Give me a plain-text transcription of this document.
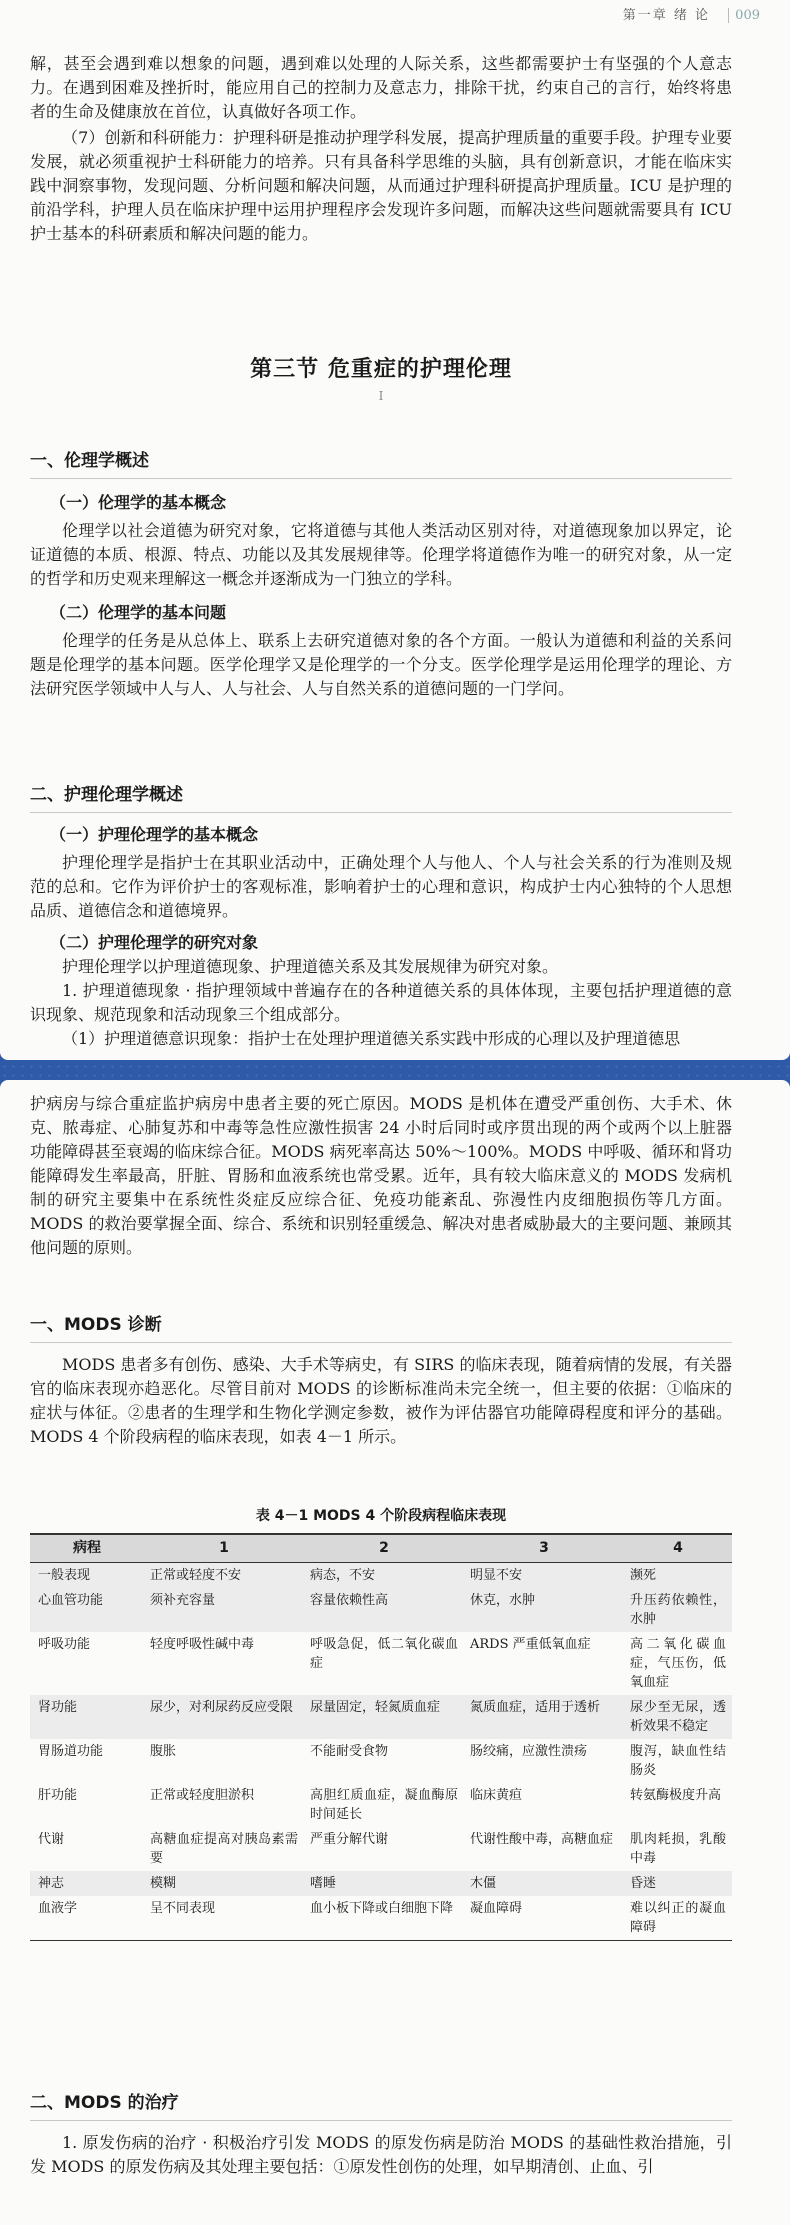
第一章 绪 论 009

解，甚至会遇到难以想象的问题，遇到难以处理的人际关系，这些都需要护士有坚强的个人意志力。在遇到困难及挫折时，能应用自己的控制力及意志力，排除干扰，约束自己的言行，始终将患者的生命及健康放在首位，认真做好各项工作。

（7）创新和科研能力：护理科研是推动护理学科发展，提高护理质量的重要手段。护理专业要发展，就必须重视护士科研能力的培养。只有具备科学思维的头脑，具有创新意识，才能在临床实践中洞察事物，发现问题、分析问题和解决问题，从而通过护理科研提高护理质量。ICU 是护理的前沿学科，护理人员在临床护理中运用护理程序会发现许多问题，而解决这些问题就需要具有 ICU 护士基本的科研素质和解决问题的能力。

第三节 危重症的护理伦理
I
一、伦理学概述
（一）伦理学的基本概念

伦理学以社会道德为研究对象，它将道德与其他人类活动区别对待，对道德现象加以界定，论证道德的本质、根源、特点、功能以及其发展规律等。伦理学将道德作为唯一的研究对象，从一定的哲学和历史观来理解这一概念并逐渐成为一门独立的学科。

（二）伦理学的基本问题

伦理学的任务是从总体上、联系上去研究道德对象的各个方面。一般认为道德和利益的关系问题是伦理学的基本问题。医学伦理学又是伦理学的一个分支。医学伦理学是运用伦理学的理论、方法研究医学领域中人与人、人与社会、人与自然关系的道德问题的一门学问。

二、护理伦理学概述
（一）护理伦理学的基本概念

护理伦理学是指护士在其职业活动中，正确处理个人与他人、个人与社会关系的行为准则及规范的总和。它作为评价护士的客观标准，影响着护士的心理和意识，构成护士内心独特的个人思想品质、道德信念和道德境界。

（二）护理伦理学的研究对象

护理伦理学以护理道德现象、护理道德关系及其发展规律为研究对象。

1. 护理道德现象 · 指护理领域中普遍存在的各种道德关系的具体体现，主要包括护理道德的意识现象、规范现象和活动现象三个组成部分。

（1）护理道德意识现象：指护士在处理护理道德关系实践中形成的心理以及护理道德思

护病房与综合重症监护病房中患者主要的死亡原因。MODS 是机体在遭受严重创伤、大手术、休克、脓毒症、心肺复苏和中毒等急性应激性损害 24 小时后同时或序贯出现的两个或两个以上脏器功能障碍甚至衰竭的临床综合征。MODS 病死率高达 50%～100%。MODS 中呼吸、循环和肾功能障碍发生率最高，肝脏、胃肠和血液系统也常受累。近年，具有较大临床意义的 MODS 发病机制的研究主要集中在系统性炎症反应综合征、免疫功能紊乱、弥漫性内皮细胞损伤等几方面。MODS 的救治要掌握全面、综合、系统和识别轻重缓急、解决对患者威胁最大的主要问题、兼顾其他问题的原则。

一、MODS 诊断

MODS 患者多有创伤、感染、大手术等病史，有 SIRS 的临床表现，随着病情的发展，有关器官的临床表现亦趋恶化。尽管目前对 MODS 的诊断标准尚未完全统一，但主要的依据：①临床的症状与体征。②患者的生理学和生物化学测定参数，被作为评估器官功能障碍程度和评分的基础。MODS 4 个阶段病程的临床表现，如表 4－1 所示。

表 4－1 MODS 4 个阶段病程临床表现
病程	1	2	3	4
一般表现	正常或轻度不安	病态，不安	明显不安	濒死
心血管功能	须补充容量	容量依赖性高	休克，水肿	升压药依赖性，水肿
呼吸功能	轻度呼吸性碱中毒	呼吸急促，低二氧化碳血症	ARDS 严重低氧血症	高二氧化碳血症，气压伤，低氧血症
肾功能	尿少，对利尿药反应受限	尿量固定，轻氮质血症	氮质血症，适用于透析	尿少至无尿，透析效果不稳定
胃肠道功能	腹胀	不能耐受食物	肠绞痛，应激性溃疡	腹泻，缺血性结肠炎
肝功能	正常或轻度胆淤积	高胆红质血症，凝血酶原时间延长	临床黄疸	转氨酶极度升高
代谢	高糖血症提高对胰岛素需要	严重分解代谢	代谢性酸中毒，高糖血症	肌肉耗损，乳酸中毒
神志	模糊	嗜睡	木僵	昏迷
血液学	呈不同表现	血小板下降或白细胞下降	凝血障碍	难以纠正的凝血障碍
二、MODS 的治疗

1. 原发伤病的治疗 · 积极治疗引发 MODS 的原发伤病是防治 MODS 的基础性救治措施，引发 MODS 的原发伤病及其处理主要包括：①原发性创伤的处理，如早期清创、止血、引
